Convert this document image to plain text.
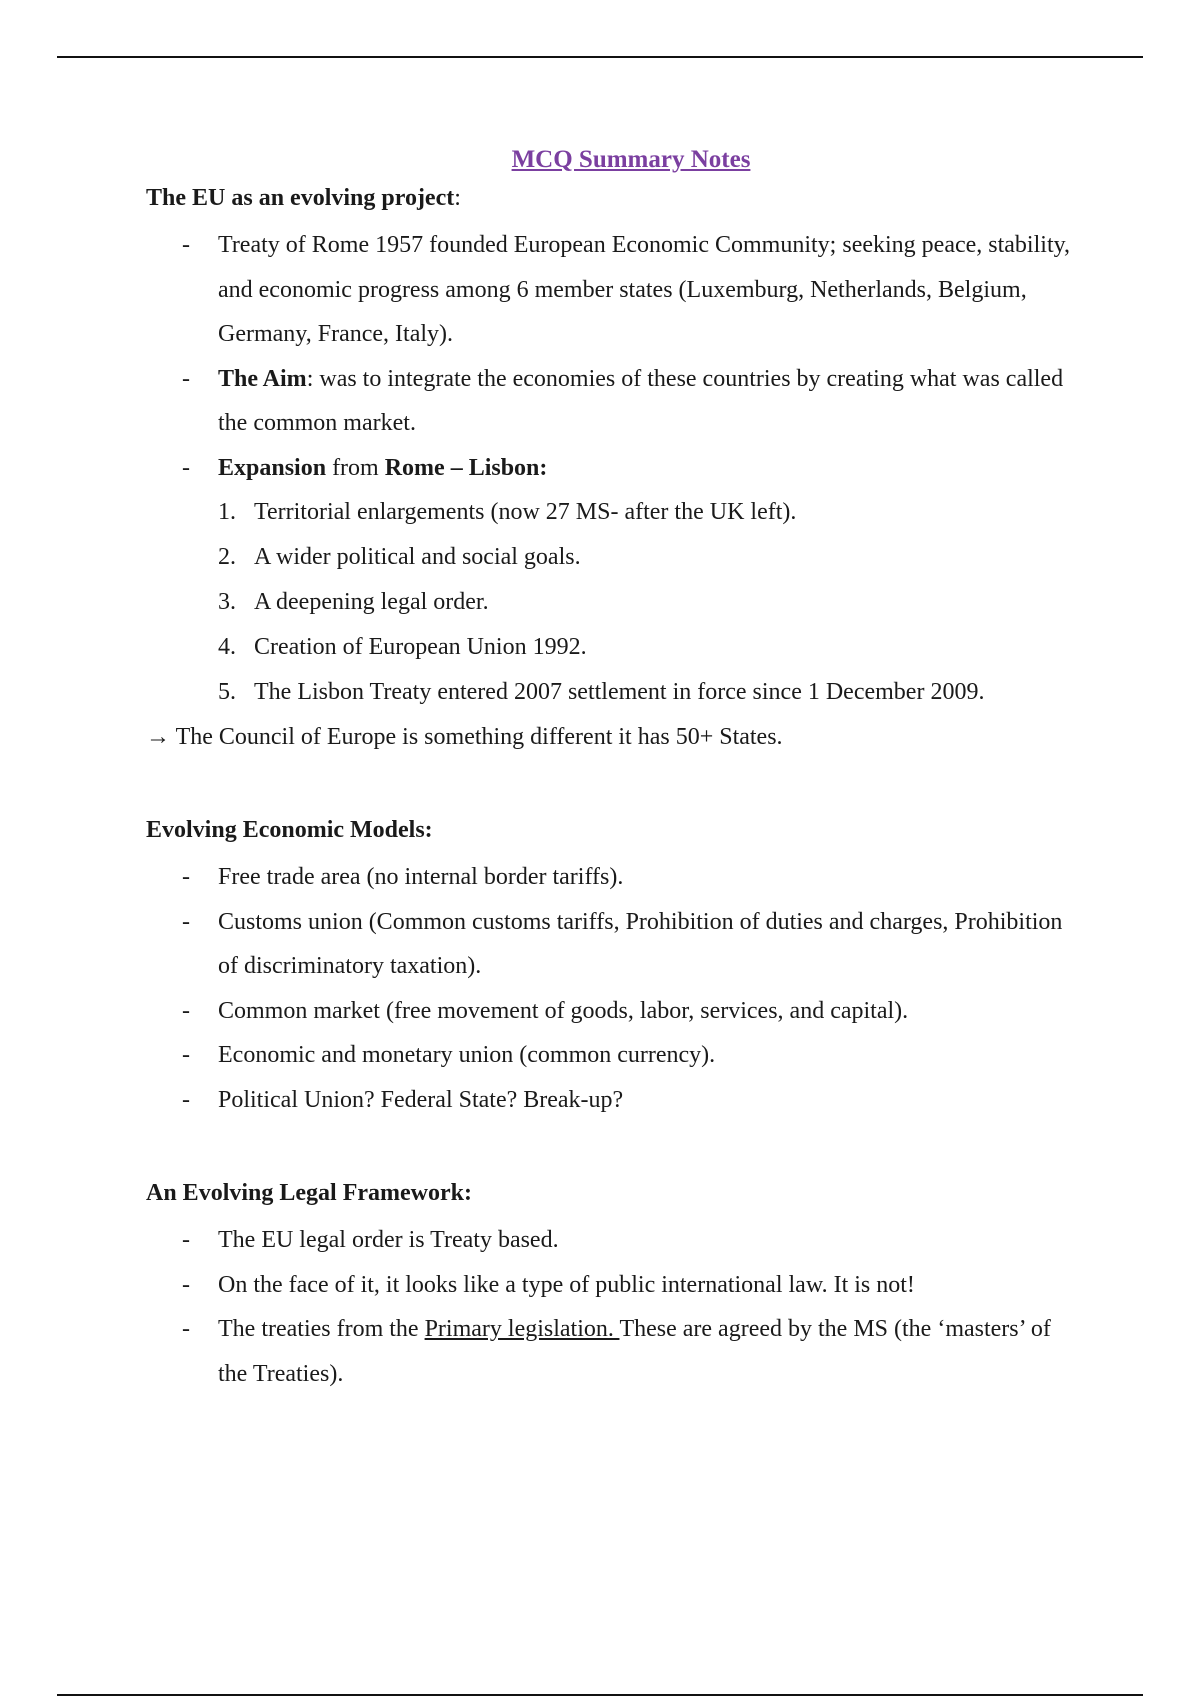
MCQ Summary Notes
The EU as an evolving project:
- Treaty of Rome 1957 founded European Economic Community; seeking peace, stability, and economic progress among 6 member states (Luxemburg, Netherlands, Belgium, Germany, France, Italy).
- The Aim: was to integrate the economies of these countries by creating what was called the common market.
- Expansion from Rome – Lisbon:
1. Territorial enlargements (now 27 MS- after the UK left).
2. A wider political and social goals.
3. A deepening legal order.
4. Creation of European Union 1992.
5. The Lisbon Treaty entered 2007 settlement in force since 1 December 2009.
→ The Council of Europe is something different it has 50+ States.
Evolving Economic Models:
- Free trade area (no internal border tariffs).
- Customs union (Common customs tariffs, Prohibition of duties and charges, Prohibition of discriminatory taxation).
- Common market (free movement of goods, labor, services, and capital).
- Economic and monetary union (common currency).
- Political Union? Federal State? Break-up?
An Evolving Legal Framework:
- The EU legal order is Treaty based.
- On the face of it, it looks like a type of public international law. It is not!
- The treaties from the Primary legislation. These are agreed by the MS (the ‘masters’ of the Treaties).
